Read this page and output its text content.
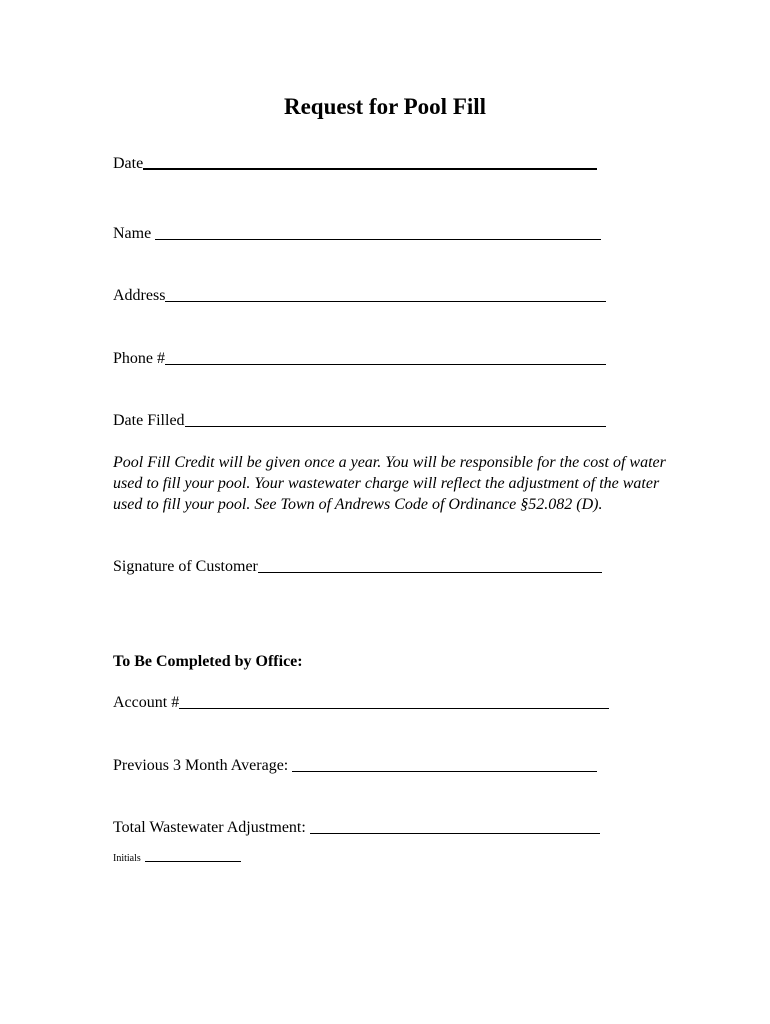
Request for Pool Fill
Date
Name
Address
Phone #
Date Filled

Pool Fill Credit will be given once a year. You will be responsible for the cost of water used to fill your pool. Your wastewater charge will reflect the adjustment of the water used to fill your pool. See Town of Andrews Code of Ordinance §52.082 (D).

Signature of Customer

To Be Completed by Office:

Account #
Previous 3 Month Average:
Total Wastewater Adjustment:
Initials
